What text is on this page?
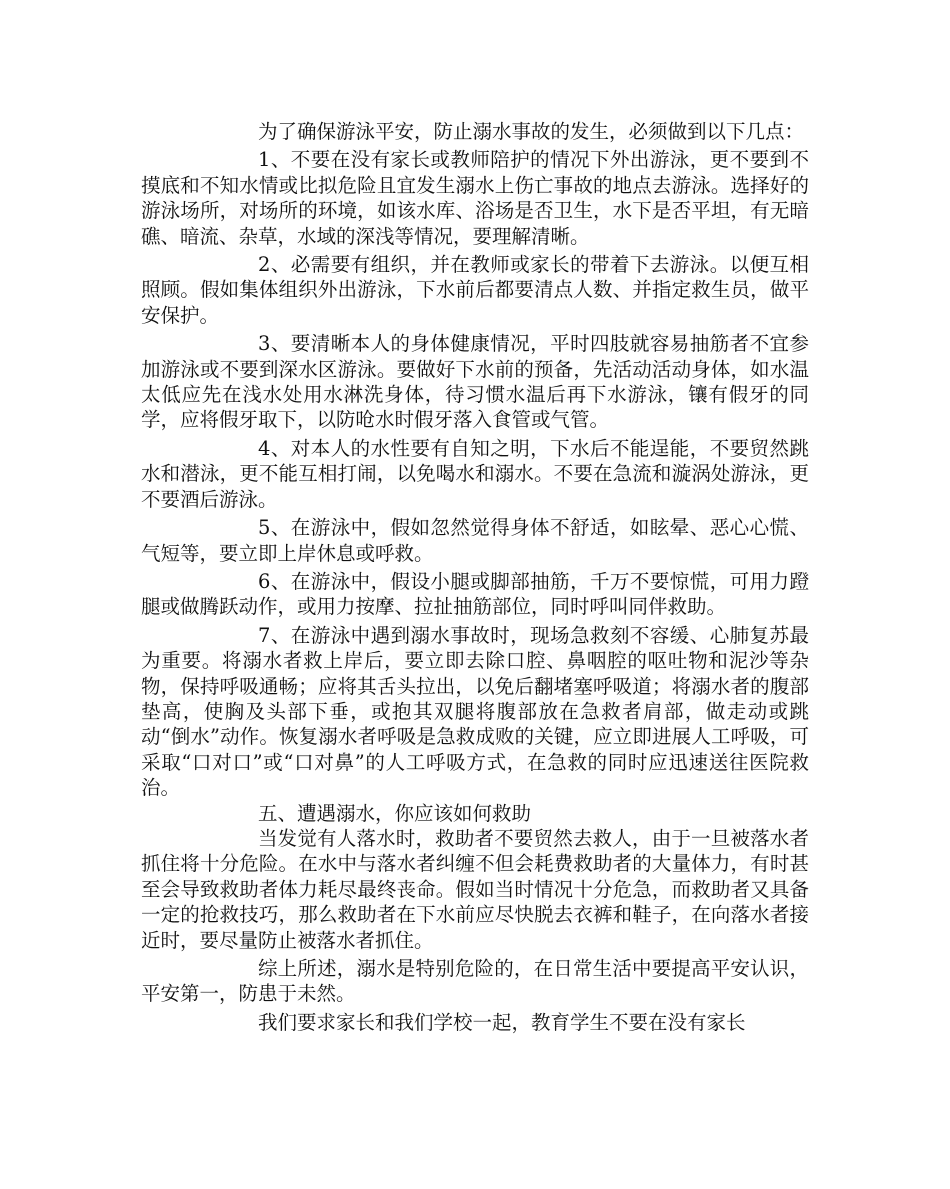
为了确保游泳平安，防止溺水事故的发生，必须做到以下几点：

1、不要在没有家长或教师陪护的情况下外出游泳，更不要到不摸底和不知水情或比拟危险且宜发生溺水上伤亡事故的地点去游泳。选择好的游泳场所，对场所的环境，如该水库、浴场是否卫生，水下是否平坦，有无暗礁、暗流、杂草，水域的深浅等情况，要理解清晰。

2、必需要有组织，并在教师或家长的带着下去游泳。以便互相照顾。假如集体组织外出游泳，下水前后都要清点人数、并指定救生员，做平安保护。

3、要清晰本人的身体健康情况，平时四肢就容易抽筋者不宜参加游泳或不要到深水区游泳。要做好下水前的预备，先活动活动身体，如水温太低应先在浅水处用水淋洗身体，待习惯水温后再下水游泳，镶有假牙的同学，应将假牙取下，以防呛水时假牙落入食管或气管。

4、对本人的水性要有自知之明，下水后不能逞能，不要贸然跳水和潜泳，更不能互相打闹，以免喝水和溺水。不要在急流和漩涡处游泳，更不要酒后游泳。

5、在游泳中，假如忽然觉得身体不舒适，如眩晕、恶心心慌、气短等，要立即上岸休息或呼救。

6、在游泳中，假设小腿或脚部抽筋，千万不要惊慌，可用力蹬腿或做腾跃动作，或用力按摩、拉扯抽筋部位，同时呼叫同伴救助。

7、在游泳中遇到溺水事故时，现场急救刻不容缓、心肺复苏最为重要。将溺水者救上岸后，要立即去除口腔、鼻咽腔的呕吐物和泥沙等杂物，保持呼吸通畅；应将其舌头拉出，以免后翻堵塞呼吸道；将溺水者的腹部垫高，使胸及头部下垂，或抱其双腿将腹部放在急救者肩部，做走动或跳动“倒水”动作。恢复溺水者呼吸是急救成败的关键，应立即进展人工呼吸，可采取“口对口”或“口对鼻”的人工呼吸方式，在急救的同时应迅速送往医院救治。

五、遭遇溺水，你应该如何救助

当发觉有人落水时，救助者不要贸然去救人，由于一旦被落水者抓住将十分危险。在水中与落水者纠缠不但会耗费救助者的大量体力，有时甚至会导致救助者体力耗尽最终丧命。假如当时情况十分危急，而救助者又具备一定的抢救技巧，那么救助者在下水前应尽快脱去衣裤和鞋子，在向落水者接近时，要尽量防止被落水者抓住。

综上所述，溺水是特别危险的，在日常生活中要提高平安认识，平安第一，防患于未然。

我们要求家长和我们学校一起，教育学生不要在没有家长
